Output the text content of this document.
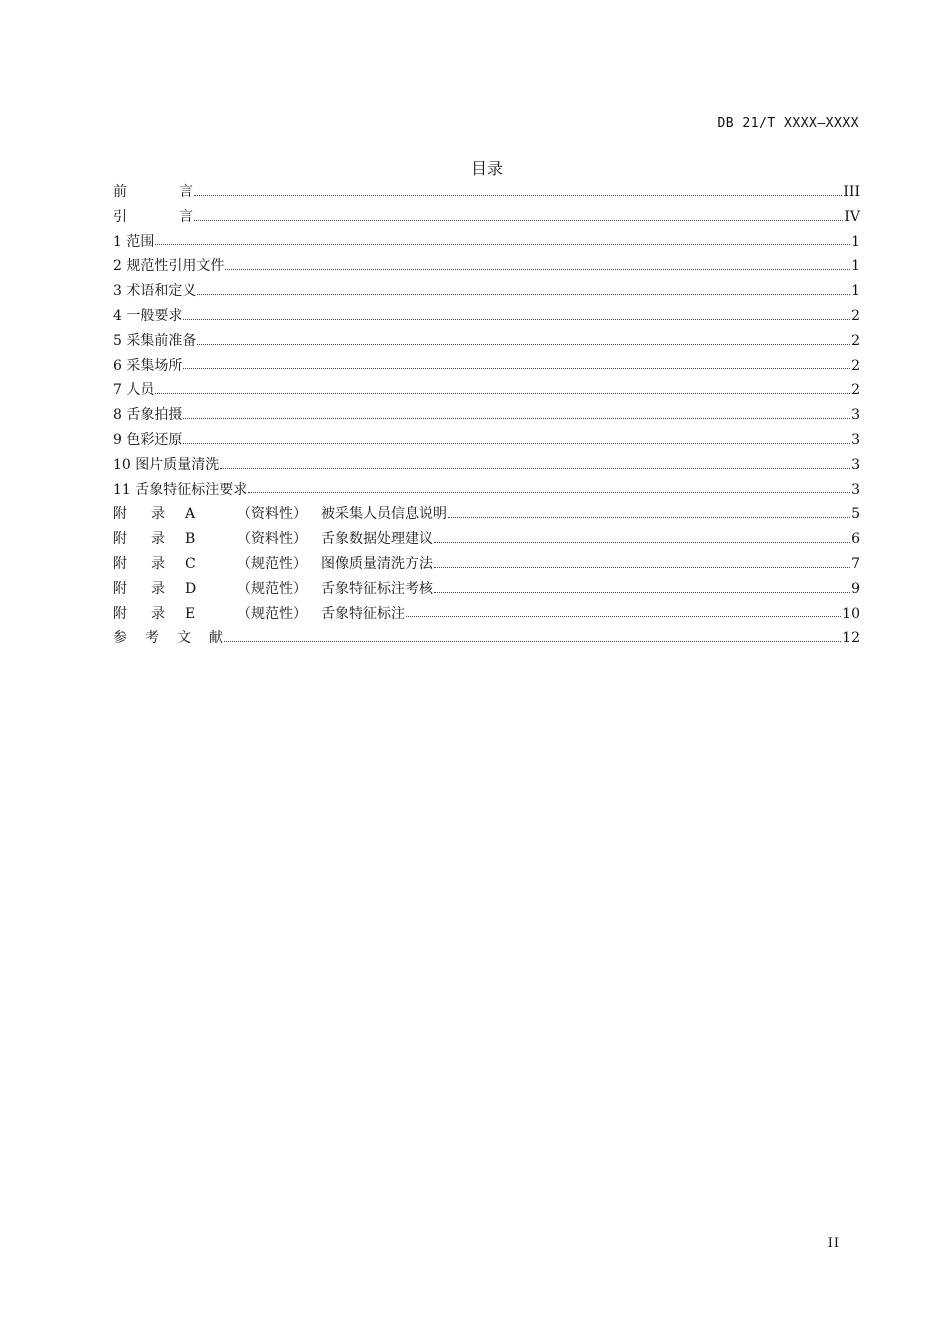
DB 21/T XXXX—XXXX
目录
前	言	III
引	言	IV
1 范围	1
2 规范性引用文件	1
3 术语和定义	1
4 一般要求	2
5 采集前准备	2
6 采集场所	2
7 人员	2
8 舌象拍摄	3
9 色彩还原	3
10 图片质量清洗	3
11 舌象特征标注要求	3
附 录 A	（资料性） 被采集人员信息说明	5
附 录 B	（资料性） 舌象数据处理建议	6
附 录 C	（规范性） 图像质量清洗方法	7
附 录 D	（规范性） 舌象特征标注考核	9
附 录 E	（规范性） 舌象特征标注	10
参 考 文 献	12
II
